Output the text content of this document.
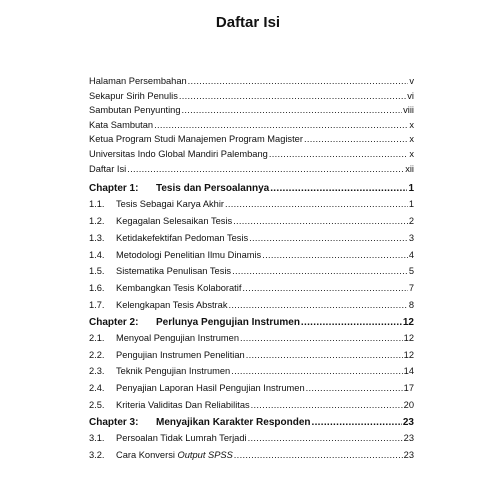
Daftar Isi
Halaman Persembahan .....	v
Sekapur Sirih Penulis .....	vi
Sambutan Penyunting .....	viii
Kata Sambutan .....	x
Ketua Program Studi Manajemen Program Magister .....	x
Universitas Indo Global Mandiri Palembang .....	x
Daftar Isi .....	xii
Chapter 1:	Tesis dan Persoalannya .....	1
1.1.	Tesis Sebagai Karya Akhir .....	1
1.2.	Kegagalan Selesaikan Tesis .....	2
1.3.	Ketidakefektifan Pedoman Tesis .....	3
1.4.	Metodologi Penelitian Ilmu Dinamis .....	4
1.5.	Sistematika Penulisan Tesis .....	5
1.6.	Kembangkan Tesis Kolaboratif .....	7
1.7.	Kelengkapan Tesis Abstrak .....	8
Chapter 2:	Perlunya Pengujian Instrumen .....	12
2.1.	Menyoal Pengujian Instrumen .....	12
2.2.	Pengujian Instrumen Penelitian .....	12
2.3.	Teknik Pengujian Instrumen .....	14
2.4.	Penyajian Laporan Hasil Pengujian Instrumen .....	17
2.5.	Kriteria Validitas Dan Reliabilitas .....	20
Chapter 3:	Menyajikan Karakter Responden .....	23
3.1.	Persoalan Tidak Lumrah Terjadi .....	23
3.2.	Cara Konversi Output SPSS .....	23
